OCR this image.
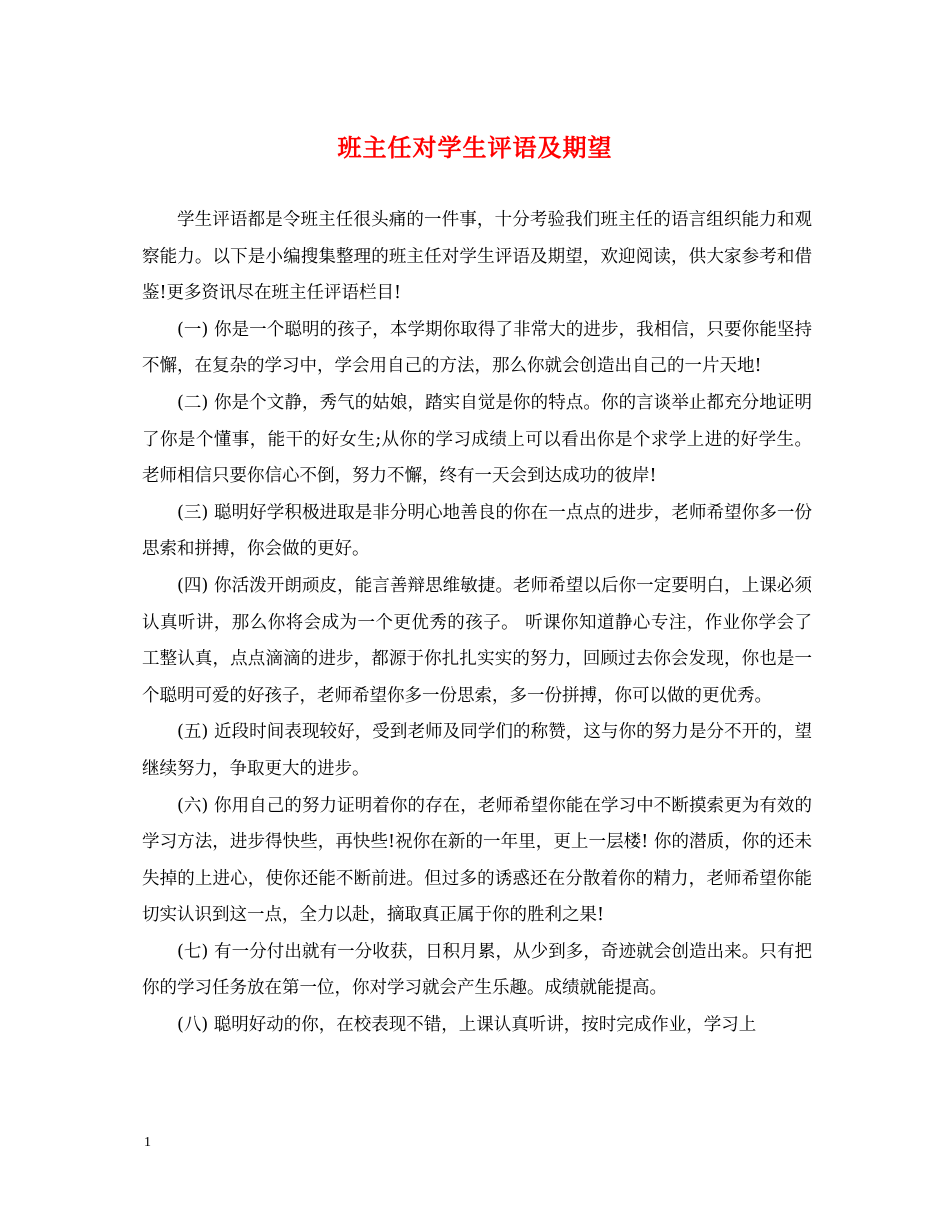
班主任对学生评语及期望

学生评语都是令班主任很头痛的一件事，十分考验我们班主任的语言组织能力和观察能力。以下是小编搜集整理的班主任对学生评语及期望，欢迎阅读，供大家参考和借鉴!更多资讯尽在班主任评语栏目!

(一) 你是一个聪明的孩子，本学期你取得了非常大的进步，我相信，只要你能坚持不懈，在复杂的学习中，学会用自己的方法，那么你就会创造出自己的一片天地!

(二) 你是个文静，秀气的姑娘，踏实自觉是你的特点。你的言谈举止都充分地证明了你是个懂事，能干的好女生;从你的学习成绩上可以看出你是个求学上进的好学生。老师相信只要你信心不倒，努力不懈，终有一天会到达成功的彼岸!

(三) 聪明好学积极进取是非分明心地善良的你在一点点的进步，老师希望你多一份思索和拼搏，你会做的更好。

(四) 你活泼开朗顽皮，能言善辩思维敏捷。老师希望以后你一定要明白，上课必须认真听讲，那么你将会成为一个更优秀的孩子。 听课你知道静心专注，作业你学会了工整认真，点点滴滴的进步，都源于你扎扎实实的努力，回顾过去你会发现，你也是一个聪明可爱的好孩子，老师希望你多一份思索，多一份拼搏，你可以做的更优秀。

(五) 近段时间表现较好，受到老师及同学们的称赞，这与你的努力是分不开的，望继续努力，争取更大的进步。

(六) 你用自己的努力证明着你的存在，老师希望你能在学习中不断摸索更为有效的学习方法，进步得快些，再快些!祝你在新的一年里，更上一层楼! 你的潜质，你的还未失掉的上进心，使你还能不断前进。但过多的诱惑还在分散着你的精力，老师希望你能切实认识到这一点，全力以赴，摘取真正属于你的胜利之果!

(七) 有一分付出就有一分收获，日积月累，从少到多，奇迹就会创造出来。只有把你的学习任务放在第一位，你对学习就会产生乐趣。成绩就能提高。

(八) 聪明好动的你，在校表现不错，上课认真听讲，按时完成作业，学习上

1
